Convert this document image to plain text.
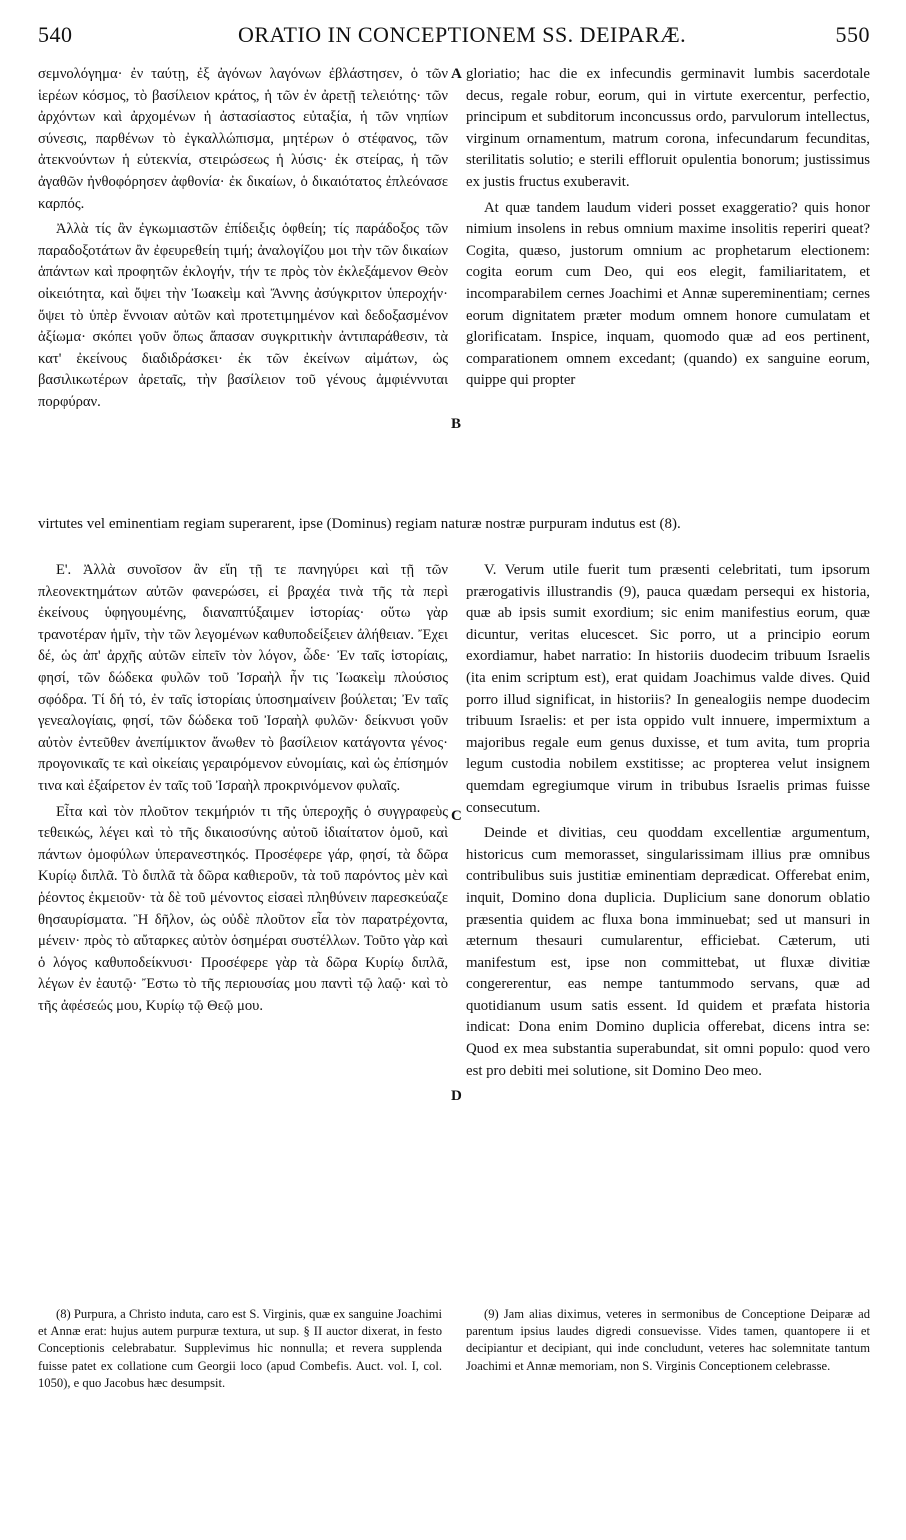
540	ORATIO IN CONCEPTIONEM SS. DEIPARÆ.	550

σεμνολόγημα· ἐν ταύτῃ, ἐξ ἀγόνων λαγόνων ἐβλάστησεν, ὁ τῶν ἱερέων κόσμος, τὸ βασίλειον κράτος, ἡ τῶν ἐν ἀρετῇ τελειότης· τῶν ἀρχόντων καὶ ἀρχομένων ἡ ἀστασίαστος εὐταξία, ἡ τῶν νηπίων σύνεσις, παρθένων τὸ ἐγκαλλώπισμα, μητέρων ὁ στέφανος, τῶν ἀτεκνούντων ἡ εὐτεκνία, στειρώσεως ἡ λύσις· ἐκ στείρας, ἡ τῶν ἀγαθῶν ἠνθοφόρησεν ἀφθονία· ἐκ δικαίων, ὁ δικαιότατος ἐπλεόνασε καρπός.

Ἀλλὰ τίς ἂν ἐγκωμιαστῶν ἐπίδειξις ὀφθείη; τίς παράδοξος τῶν παραδοξοτάτων ἂν ἐφευρεθείη τιμή; ἀναλογίζου μοι τὴν τῶν δικαίων ἁπάντων καὶ προφητῶν ἐκλογήν, τήν τε πρὸς τὸν ἐκλεξάμενον Θεὸν οἰκειότητα, καὶ ὄψει τὴν Ἰωακεὶμ καὶ Ἄννης ἀσύγκριτον ὑπεροχήν· ὄψει τὸ ὑπὲρ ἔννοιαν αὐτῶν καὶ προτετιμημένον καὶ δεδοξασμένον ἀξίωμα· σκόπει γοῦν ὅπως ἅπασαν συγκριτικὴν ἀντιπαράθεσιν, τὰ κατ' ἐκείνους διαδιδράσκει· ἐκ τῶν ἐκείνων αἱμάτων, ὡς βασιλικωτέρων ἀρεταῖς, τὴν βασίλειον τοῦ γένους ἀμφιέννυται πορφύραν.

gloriatio; hac die ex infecundis germinavit lumbis sacerdotale decus, regale robur, eorum, qui in virtute exercentur, perfectio, principum et subditorum inconcussus ordo, parvulorum intellectus, virginum ornamentum, matrum corona, infecundarum fecunditas, sterilitatis solutio; e sterili effloruit opulentia bonorum; justissimus ex justis fructus exuberavit.

At quæ tandem laudum videri posset exaggeratio? quis honor nimium insolens in rebus omnium maxime insolitis reperiri queat? Cogita, quæso, justorum omnium ac prophetarum electionem: cogita eorum cum Deo, qui eos elegit, familiaritatem, et incomparabilem cernes Joachimi et Annæ supereminentiam; cernes eorum dignitatem præter modum omnem honore cumulatam et glorificatam. Inspice, inquam, quomodo quæ ad eos pertinent, comparationem omnem excedant; (quando) ex sanguine eorum, quippe qui propter

A
B
virtutes vel eminentiam regiam superarent, ipse (Dominus) regiam naturæ nostræ purpuram indutus est (8).

Ε'. Ἀλλὰ συνοῖσον ἂν εἴη τῇ τε πανηγύρει καὶ τῇ τῶν πλεονεκτημάτων αὐτῶν φανερώσει, εἰ βραχέα τινὰ τῆς τὰ περὶ ἐκείνους ὑφηγουμένης, διαναπτύξαιμεν ἱστορίας· οὕτω γὰρ τρανοτέραν ἡμῖν, τὴν τῶν λεγομένων καθυποδείξειεν ἀλήθειαν. Ἔχει δέ, ὡς ἀπ' ἀρχῆς αὐτῶν εἰπεῖν τὸν λόγον, ὧδε· Ἐν ταῖς ἱστορίαις, φησί, τῶν δώδεκα φυλῶν τοῦ Ἰσραὴλ ἦν τις Ἰωακεὶμ πλούσιος σφόδρα. Τί δή τό, ἐν ταῖς ἱστορίαις ὑποσημαίνειν βούλεται; Ἐν ταῖς γενεαλογίαις, φησί, τῶν δώδεκα τοῦ Ἰσραὴλ φυλῶν· δείκνυσι γοῦν αὐτὸν ἐντεῦθεν ἀνεπίμικτον ἄνωθεν τὸ βασίλειον κατάγοντα γένος· προγονικαῖς τε καὶ οἰκείαις γεραιρόμενον εὐνομίαις, καὶ ὡς ἐπίσημόν τινα καὶ ἐξαίρετον ἐν ταῖς τοῦ Ἰσραὴλ προκρινόμενον φυλαῖς.

Εἶτα καὶ τὸν πλοῦτον τεκμήριόν τι τῆς ὑπεροχῆς ὁ συγγραφεὺς τεθεικώς, λέγει καὶ τὸ τῆς δικαιοσύνης αὐτοῦ ἰδιαίτατον ὁμοῦ, καὶ πάντων ὁμοφύλων ὑπερανεστηκός. Προσέφερε γάρ, φησί, τὰ δῶρα Κυρίῳ διπλᾶ. Τὸ διπλᾶ τὰ δῶρα καθιεροῦν, τὰ τοῦ παρόντος μὲν καὶ ῥέοντος ἐκμειοῦν· τὰ δὲ τοῦ μένοντος εἰσαεὶ πληθύνειν παρεσκεύαζε θησαυρίσματα. Ἢ δῆλον, ὡς οὐδὲ πλοῦτον εἶα τὸν παρατρέχοντα, μένειν· πρὸς τὸ αὔταρκες αὐτὸν ὁσημέραι συστέλλων. Τοῦτο γὰρ καὶ ὁ λόγος καθυποδείκνυσι· Προσέφερε γὰρ τὰ δῶρα Κυρίῳ διπλᾶ, λέγων ἐν ἑαυτῷ· Ἔστω τὸ τῆς περιουσίας μου παντὶ τῷ λαῷ· καὶ τὸ τῆς ἀφέσεώς μου, Κυρίῳ τῷ Θεῷ μου.

V. Verum utile fuerit tum præsenti celebritati, tum ipsorum prærogativis illustrandis (9), pauca quædam persequi ex historia, quæ ab ipsis sumit exordium; sic enim manifestius eorum, quæ dicuntur, veritas elucescet. Sic porro, ut a principio eorum exordiamur, habet narratio: In historiis duodecim tribuum Israelis (ita enim scriptum est), erat quidam Joachimus valde dives. Quid porro illud significat, in historiis? In genealogiis nempe duodecim tribuum Israelis: et per ista oppido vult innuere, impermixtum a majoribus regale eum genus duxisse, et tum avita, tum propria legum custodia nobilem exstitisse; ac propterea velut insignem quemdam egregiumque virum in tribubus Israelis primas fuisse consecutum.

Deinde et divitias, ceu quoddam excellentiæ argumentum, historicus cum memorasset, singularissimam illius præ omnibus contribulibus suis justitiæ eminentiam deprædicat. Offerebat enim, inquit, Domino dona duplicia. Duplicium sane donorum oblatio præsentia quidem ac fluxa bona imminuebat; sed ut mansuri in æternum thesauri cumularentur, efficiebat. Cæterum, uti manifestum est, ipse non committebat, ut fluxæ divitiæ congererentur, eas nempe tantummodo servans, quæ ad quotidianum usum satis essent. Id quidem et præfata historia indicat: Dona enim Domino duplicia offerebat, dicens intra se: Quod ex mea substantia superabundat, sit omni populo: quod vero est pro debiti mei solutione, sit Domino Deo meo.

C
D

(8) Purpura, a Christo induta, caro est S. Virginis, quæ ex sanguine Joachimi et Annæ erat: hujus autem purpuræ textura, ut sup. § II auctor dixerat, in festo Conceptionis celebrabatur. Supplevimus hic nonnulla; et revera supplenda fuisse patet ex collatione cum Georgii loco (apud Combefis. Auct. vol. I, col. 1050), e quo Jacobus hæc desumpsit.

(9) Jam alias diximus, veteres in sermonibus de Conceptione Deiparæ ad parentum ipsius laudes digredi consuevisse. Vides tamen, quantopere ii et decipiantur et decipiant, qui inde concludunt, veteres hac solemnitate tantum Joachimi et Annæ memoriam, non S. Virginis Conceptionem celebrasse.
